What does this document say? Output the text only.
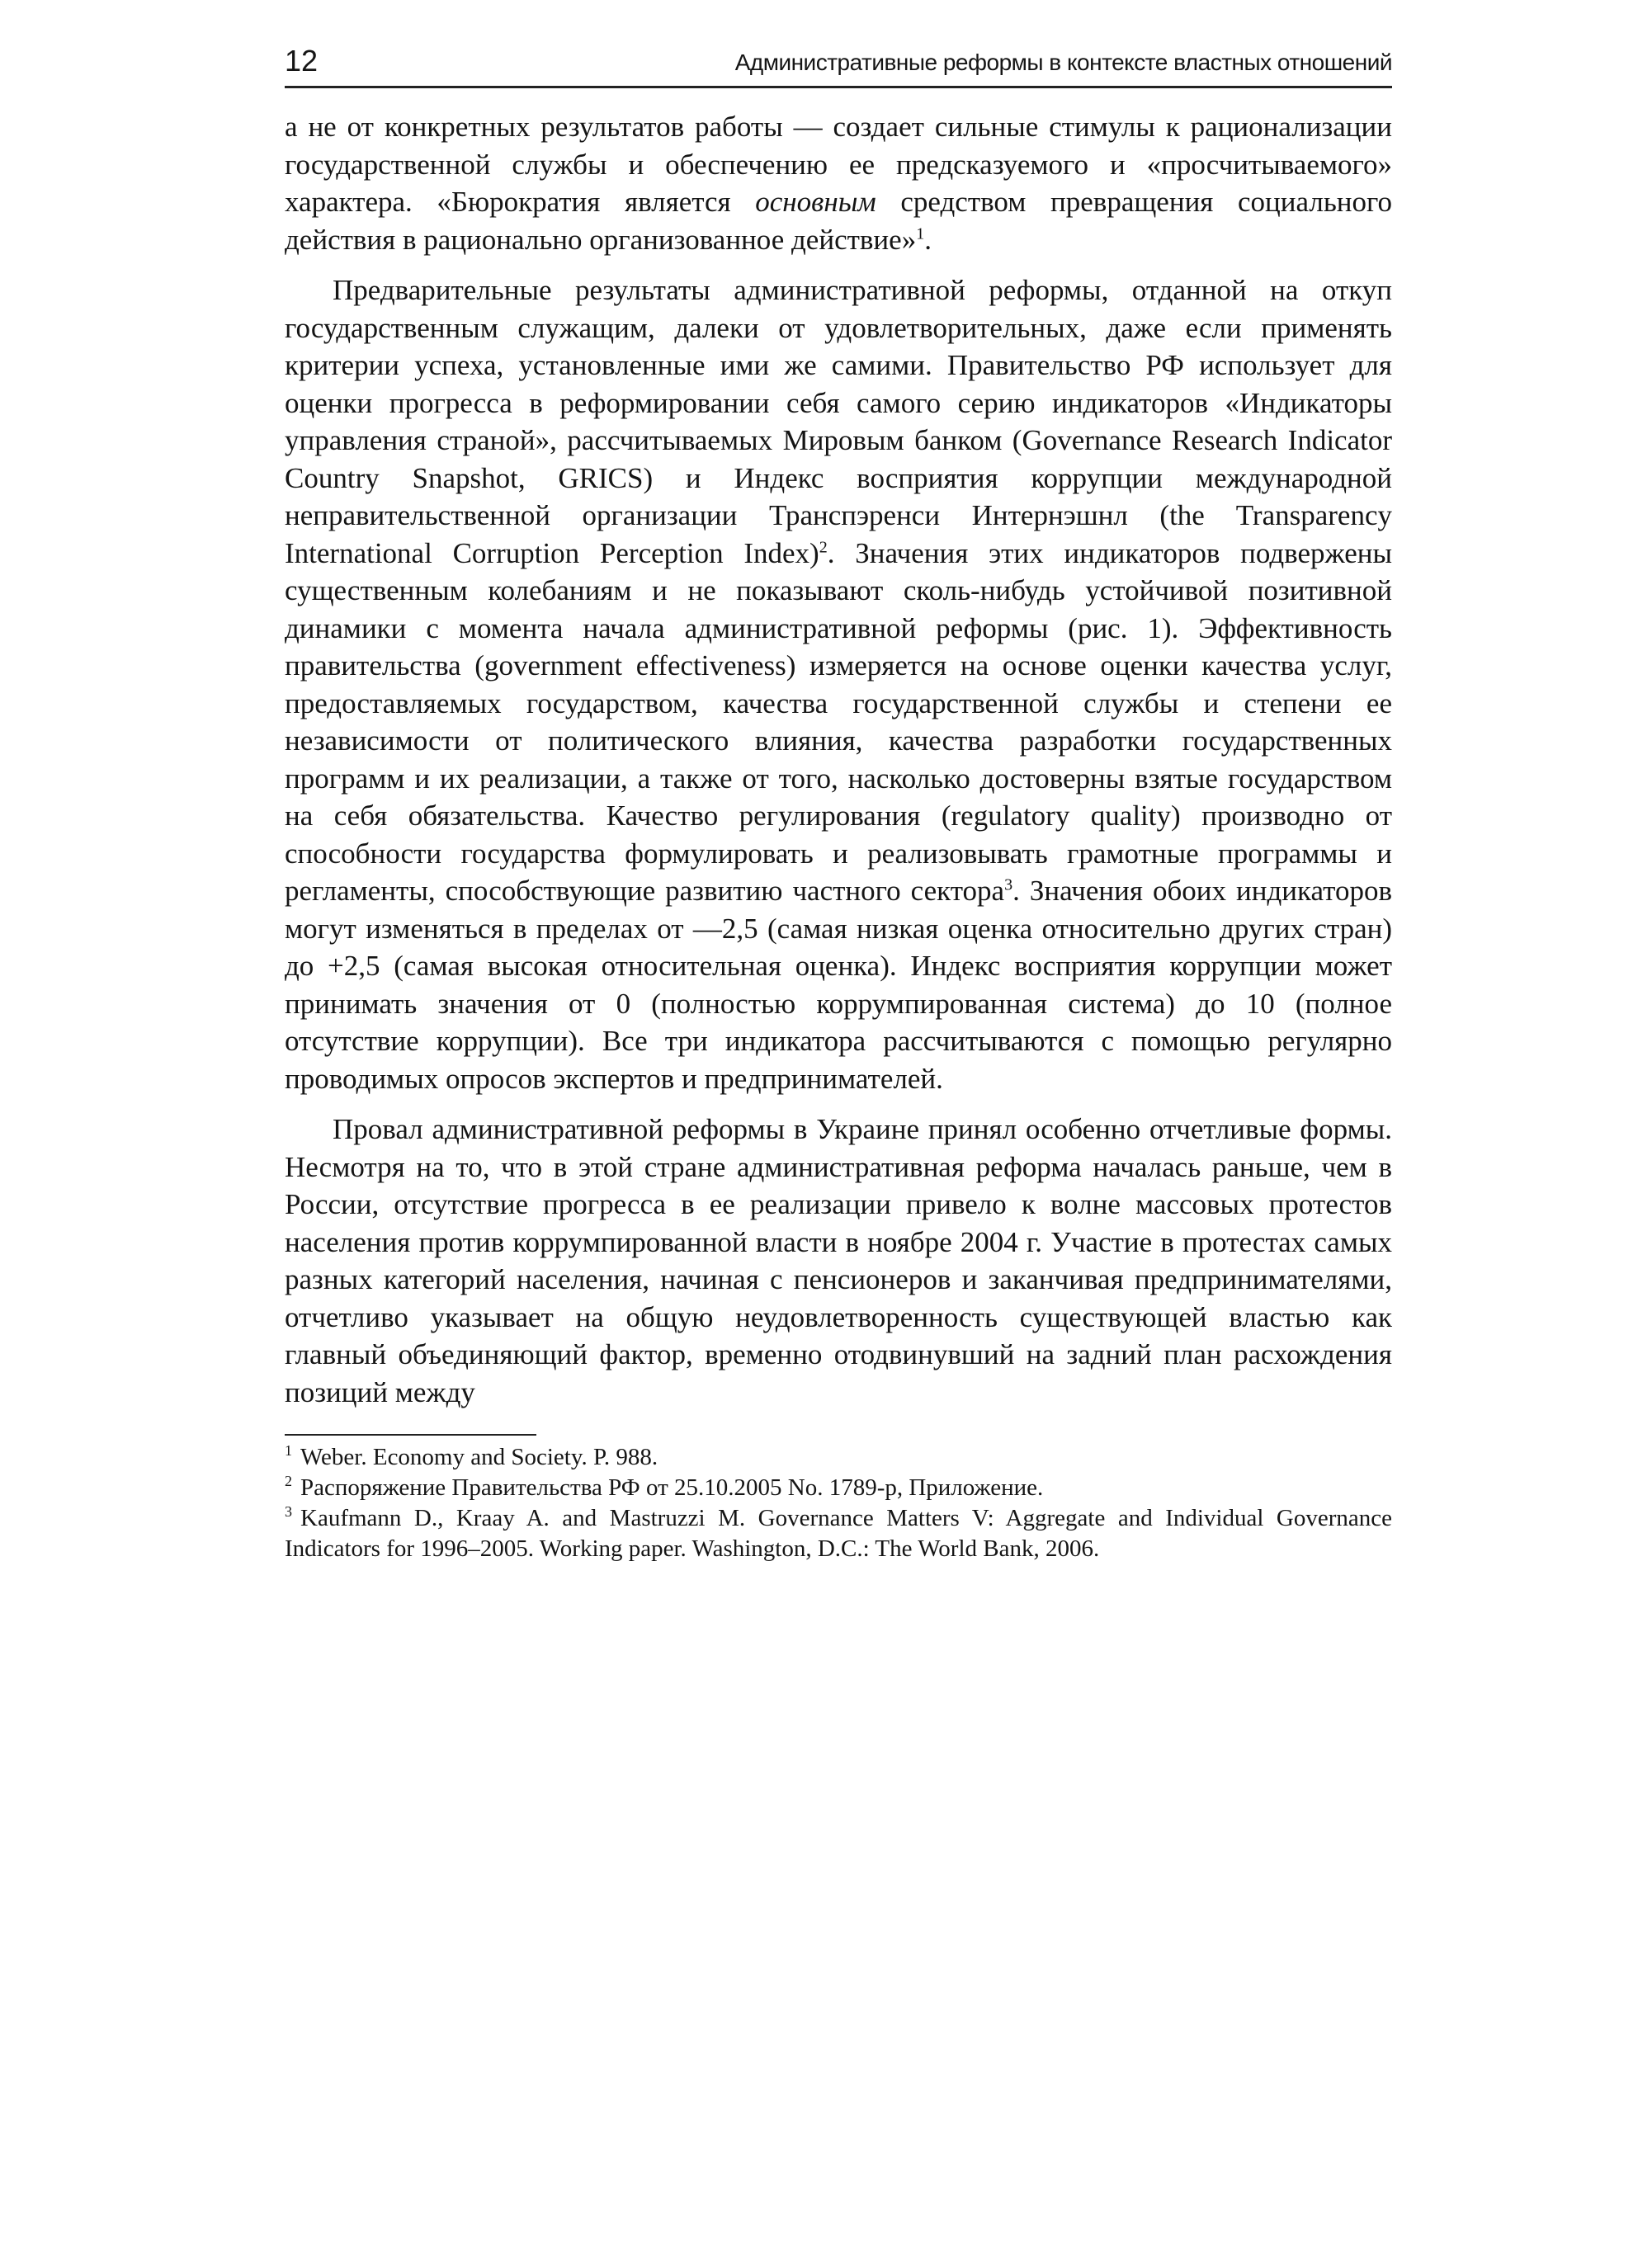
12	Административные реформы в контексте властных отношений

а не от конкретных результатов работы — создает сильные стимулы к рационализации государственной службы и обеспечению ее предсказуемого и «просчитываемого» характера. «Бюрократия является основным средством превращения социального действия в рационально организованное действие»$^1$.

Предварительные результаты административной реформы, отданной на откуп государственным служащим, далеки от удовлетворительных, даже если применять критерии успеха, установленные ими же самими. Правительство РФ использует для оценки прогресса в реформировании себя самого серию индикаторов «Индикаторы управления страной», рассчитываемых Мировым банком (Governance Research Indicator Country Snapshot, GRICS) и Индекс восприятия коррупции международной неправительственной организации Транспэренси Интернэшнл (the Transparency International Corruption Perception Index)$^2$. Значения этих индикаторов подвержены существенным колебаниям и не показывают сколь-нибудь устойчивой позитивной динамики с момента начала административной реформы (рис. 1). Эффективность правительства (government effectiveness) измеряется на основе оценки качества услуг, предоставляемых государством, качества государственной службы и степени ее независимости от политического влияния, качества разработки государственных программ и их реализации, а также от того, насколько достоверны взятые государством на себя обязательства. Качество регулирования (regulatory quality) производно от способности государства формулировать и реализовывать грамотные программы и регламенты, способствующие развитию частного сектора$^3$. Значения обоих индикаторов могут изменяться в пределах от —2,5 (самая низкая оценка относительно других стран) до +2,5 (самая высокая относительная оценка). Индекс восприятия коррупции может принимать значения от 0 (полностью коррумпированная система) до 10 (полное отсутствие коррупции). Все три индикатора рассчитываются с помощью регулярно проводимых опросов экспертов и предпринимателей.

Провал административной реформы в Украине принял особенно отчетливые формы. Несмотря на то, что в этой стране административная реформа началась раньше, чем в России, отсутствие прогресса в ее реализации привело к волне массовых протестов населения против коррумпированной власти в ноябре 2004 г. Участие в протестах самых разных категорий населения, начиная с пенсионеров и заканчивая предпринимателями, отчетливо указывает на общую неудовлетворенность существующей властью как главный объединяющий фактор, временно отодвинувший на задний план расхождения позиций между

$^1$ Weber. Economy and Society. P. 988.

$^2$ Распоряжение Правительства РФ от 25.10.2005 No. 1789-р, Приложение.

$^3$ Kaufmann D., Kraay A. and Mastruzzi M. Governance Matters V: Aggregate and Individual Governance Indicators for 1996–2005. Working paper. Washington, D.C.: The World Bank, 2006.
